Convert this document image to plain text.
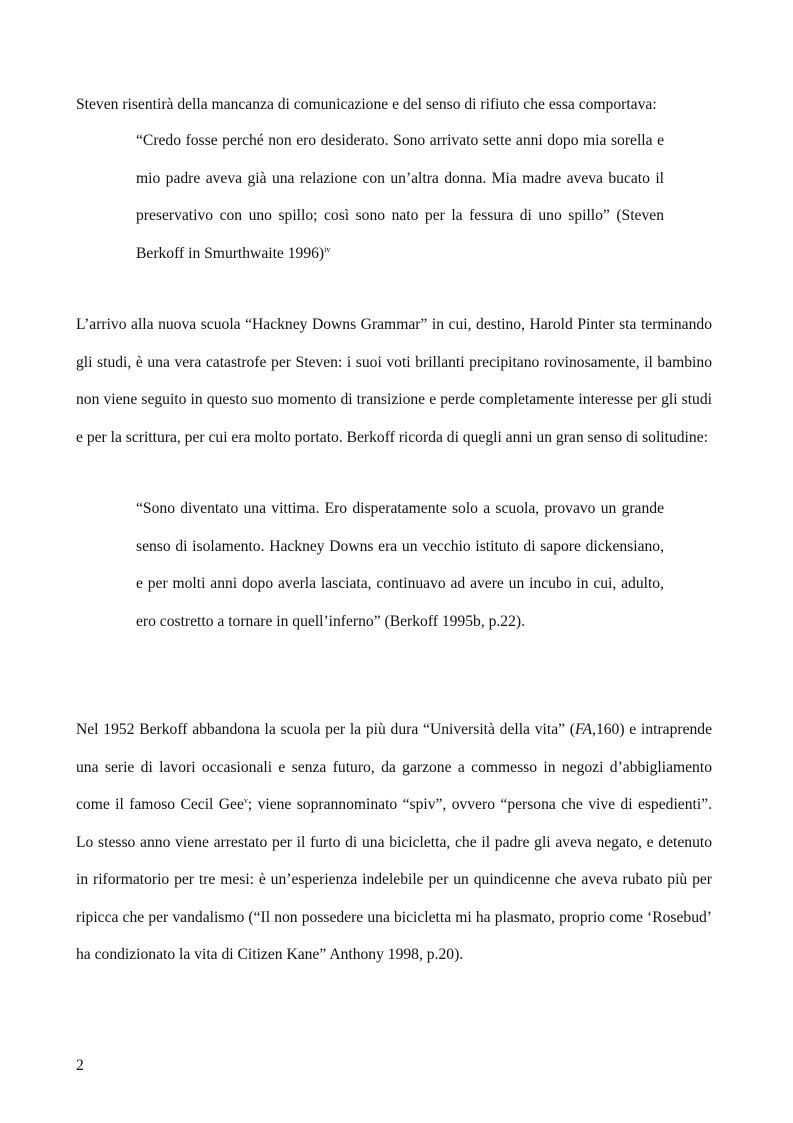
Steven risentirà della mancanza di comunicazione e del senso di rifiuto che essa comportava:

“Credo fosse perché non ero desiderato. Sono arrivato sette anni dopo mia sorella e mio padre aveva già una relazione con un’altra donna. Mia madre aveva bucato il preservativo con uno spillo; così sono nato per la fessura di uno spillo” (Steven Berkoff in Smurthwaite 1996)$^{iv}$

L’arrivo alla nuova scuola “Hackney Downs Grammar” in cui, destino, Harold Pinter sta terminando gli studi, è una vera catastrofe per Steven: i suoi voti brillanti precipitano rovinosamente, il bambino non viene seguito in questo suo momento di transizione e perde completamente interesse per gli studi e per la scrittura, per cui era molto portato. Berkoff ricorda di quegli anni un gran senso di solitudine:

“Sono diventato una vittima. Ero disperatamente solo a scuola, provavo un grande senso di isolamento. Hackney Downs era un vecchio istituto di sapore dickensiano, e per molti anni dopo averla lasciata, continuavo ad avere un incubo in cui, adulto, ero costretto a tornare in quell’inferno” (Berkoff 1995b, p.22).

Nel 1952 Berkoff abbandona la scuola per la più dura “Università della vita” (FA,160) e intraprende una serie di lavori occasionali e senza futuro, da garzone a commesso in negozi d’abbigliamento come il famoso Cecil Gee$^v$; viene soprannominato “spiv”, ovvero “persona che vive di espedienti”. Lo stesso anno viene arrestato per il furto di una bicicletta, che il padre gli aveva negato, e detenuto in riformatorio per tre mesi: è un’esperienza indelebile per un quindicenne che aveva rubato più per ripicca che per vandalismo (“Il non possedere una bicicletta mi ha plasmato, proprio come ‘Rosebud’ ha condizionato la vita di Citizen Kane” Anthony 1998, p.20).

2
